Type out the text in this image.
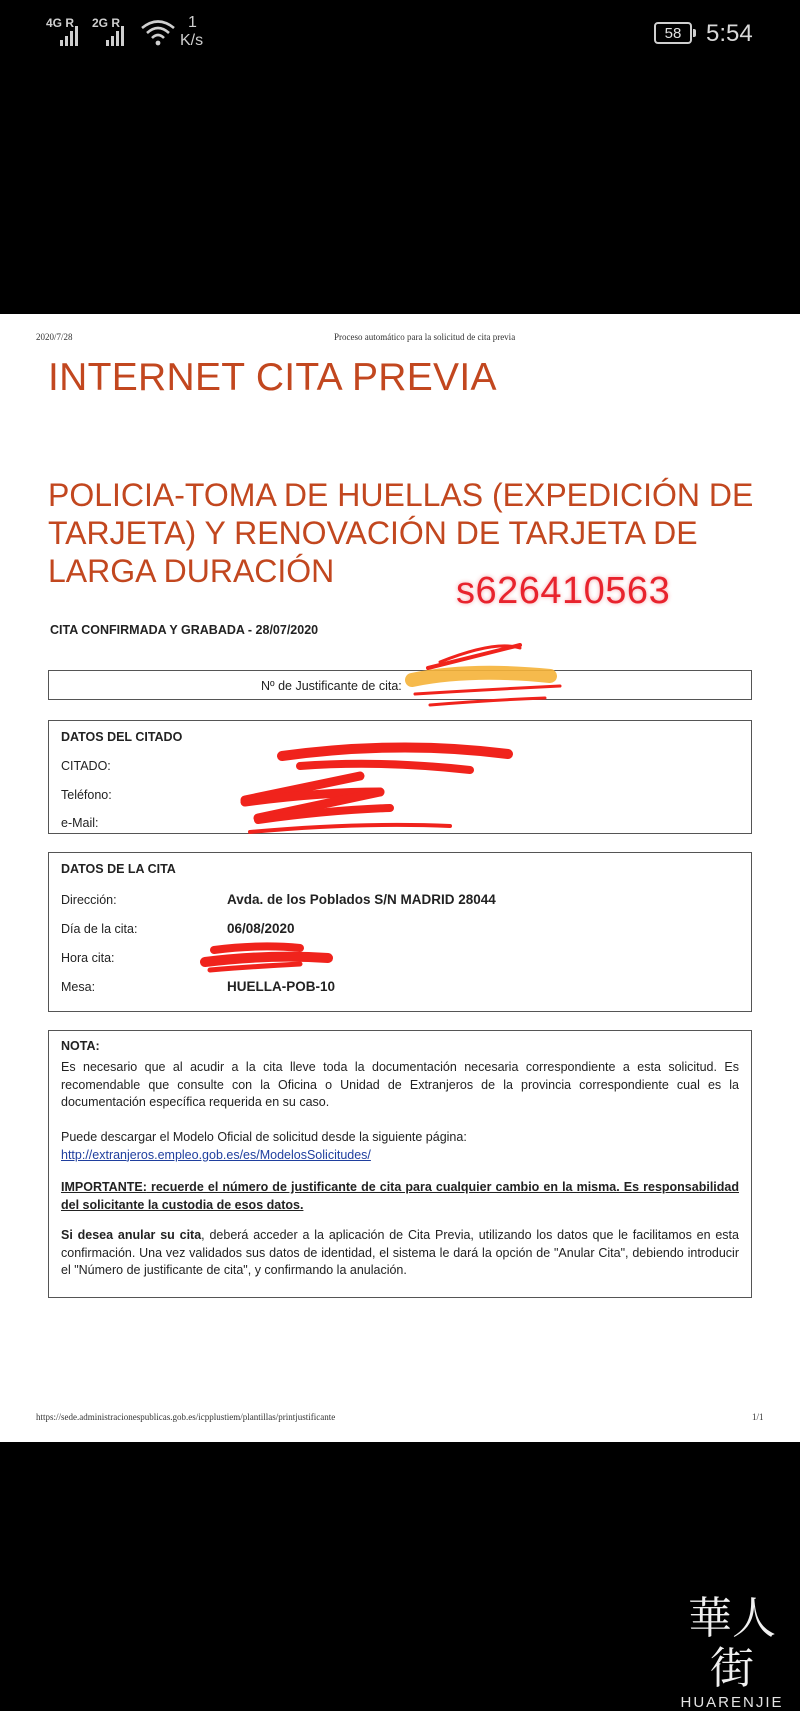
4G R 2G R	1
K/s	58 5:54
2020/7/28	Proceso automático para la solicitud de cita previa
INTERNET CITA PREVIA
POLICIA-TOMA DE HUELLAS (EXPEDICIÓN DE TARJETA) Y RENOVACIÓN DE TARJETA DE LARGA DURACIÓN	s626410563
CITA CONFIRMADA Y GRABADA - 28/07/2020
Nº de Justificante de cita:
DATOS DEL CITADO
CITADO:
Teléfono:
e-Mail:
DATOS DE LA CITA
Dirección:	Avda. de los Poblados S/N MADRID 28044
Día de la cita:	06/08/2020
Hora cita:
Mesa:	HUELLA-POB-10
NOTA:

Es necesario que al acudir a la cita lleve toda la documentación necesaria correspondiente a esta solicitud. Es recomendable que consulte con la Oficina o Unidad de Extranjeros de la provincia correspondiente cual es la documentación específica requerida en su caso.

Puede descargar el Modelo Oficial de solicitud desde la siguiente página:
http://extranjeros.empleo.gob.es/es/ModelosSolicitudes/

IMPORTANTE: recuerde el número de justificante de cita para cualquier cambio en la misma. Es responsabilidad del solicitante la custodia de esos datos.

Si desea anular su cita, deberá acceder a la aplicación de Cita Previa, utilizando los datos que le facilitamos en esta confirmación. Una vez validados sus datos de identidad, el sistema le dará la opción de "Anular Cita", debiendo introducir el "Número de justificante de cita", y confirmando la anulación.

https://sede.administracionespublicas.gob.es/icpplustiem/plantillas/printjustificante	1/1
華人街
HUARENJIE
